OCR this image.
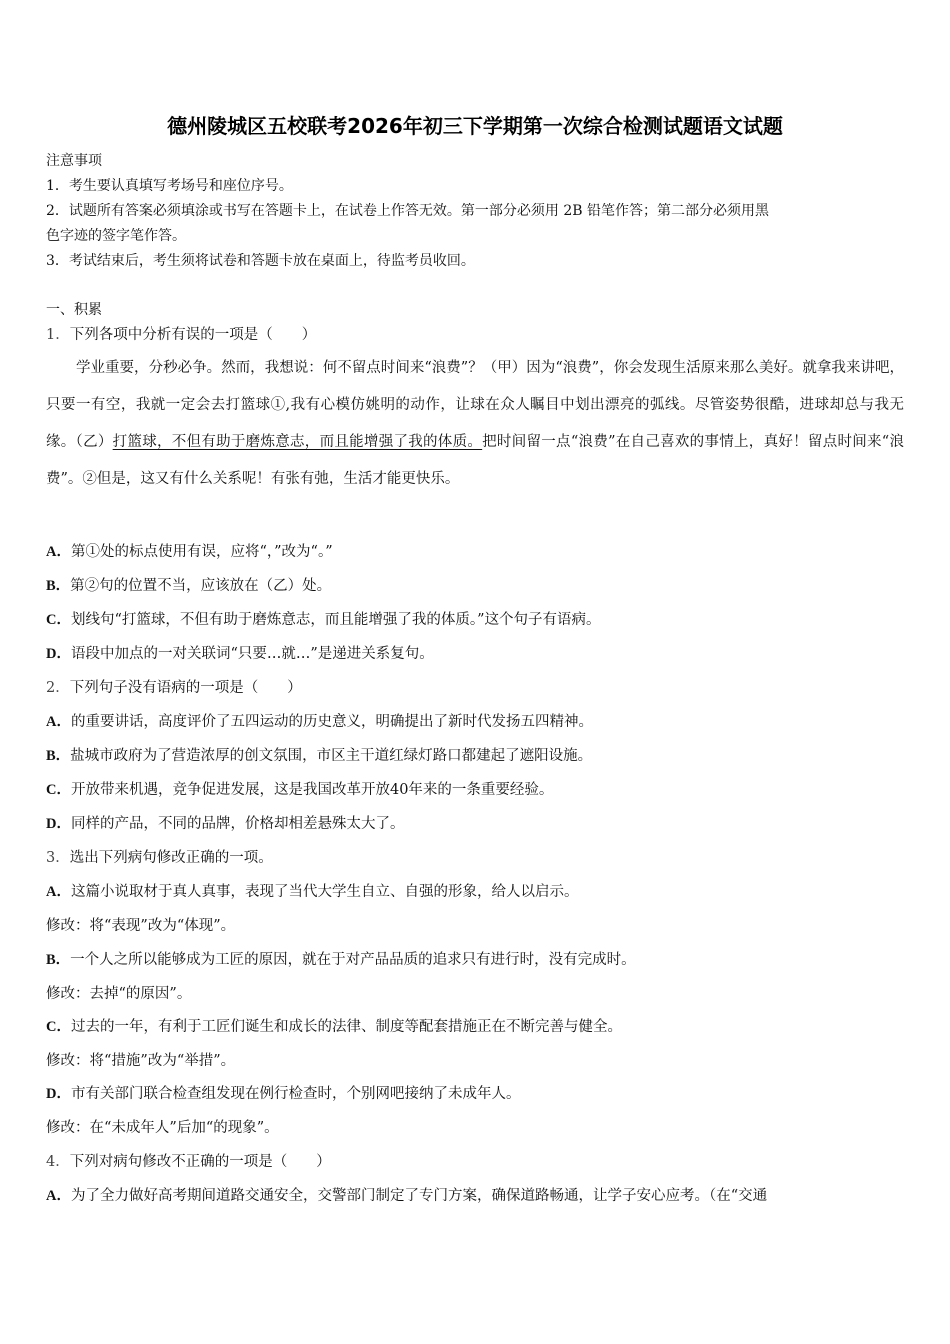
德州陵城区五校联考2026年初三下学期第一次综合检测试题语文试题
注意事项
1．考生要认真填写考场号和座位序号。
2．试题所有答案必须填涂或书写在答题卡上，在试卷上作答无效。第一部分必须用 2B 铅笔作答；第二部分必须用黑
色字迹的签字笔作答。
3．考试结束后，考生须将试卷和答题卡放在桌面上，待监考员收回。
一、积累
1．下列各项中分析有误的一项是（　　）
学业重要，分秒必争。然而，我想说：何不留点时间来“浪费”？（甲）因为“浪费”，你会发现生活原来那么美好。就拿我来讲吧，只要一有空，我就一定会去打篮球①,我有心模仿姚明的动作，让球在众人瞩目中划出漂亮的弧线。尽管姿势很酷，进球却总与我无缘。（乙）打篮球，不但有助于磨炼意志，而且能增强了我的体质。把时间留一点“浪费”在自己喜欢的事情上，真好！留点时间来“浪费”。②但是，这又有什么关系呢！有张有弛，生活才能更快乐。
A．第①处的标点使用有误，应将“，”改为“。”
B．第②句的位置不当，应该放在（乙）处。
C．划线句“打篮球，不但有助于磨炼意志，而且能增强了我的体质。”这个句子有语病。
D．语段中加点的一对关联词“只要…就…”是递进关系复句。
2．下列句子没有语病的一项是（　　）
A．的重要讲话，高度评价了五四运动的历史意义，明确提出了新时代发扬五四精神。
B．盐城市政府为了营造浓厚的创文氛围，市区主干道红绿灯路口都建起了遮阳设施。
C．开放带来机遇，竞争促进发展，这是我国改革开放40年来的一条重要经验。
D．同样的产品，不同的品牌，价格却相差悬殊太大了。
3．选出下列病句修改正确的一项。
A．这篇小说取材于真人真事，表现了当代大学生自立、自强的形象，给人以启示。
修改：将“表现”改为“体现”。
B．一个人之所以能够成为工匠的原因，就在于对产品品质的追求只有进行时，没有完成时。
修改：去掉“的原因”。
C．过去的一年，有利于工匠们诞生和成长的法律、制度等配套措施正在不断完善与健全。
修改：将“措施”改为“举措”。
D．市有关部门联合检查组发现在例行检查时，个别网吧接纳了未成年人。
修改：在“未成年人”后加“的现象”。
4．下列对病句修改不正确的一项是（　　）
A．为了全力做好高考期间道路交通安全，交警部门制定了专门方案，确保道路畅通，让学子安心应考。（在“交通
